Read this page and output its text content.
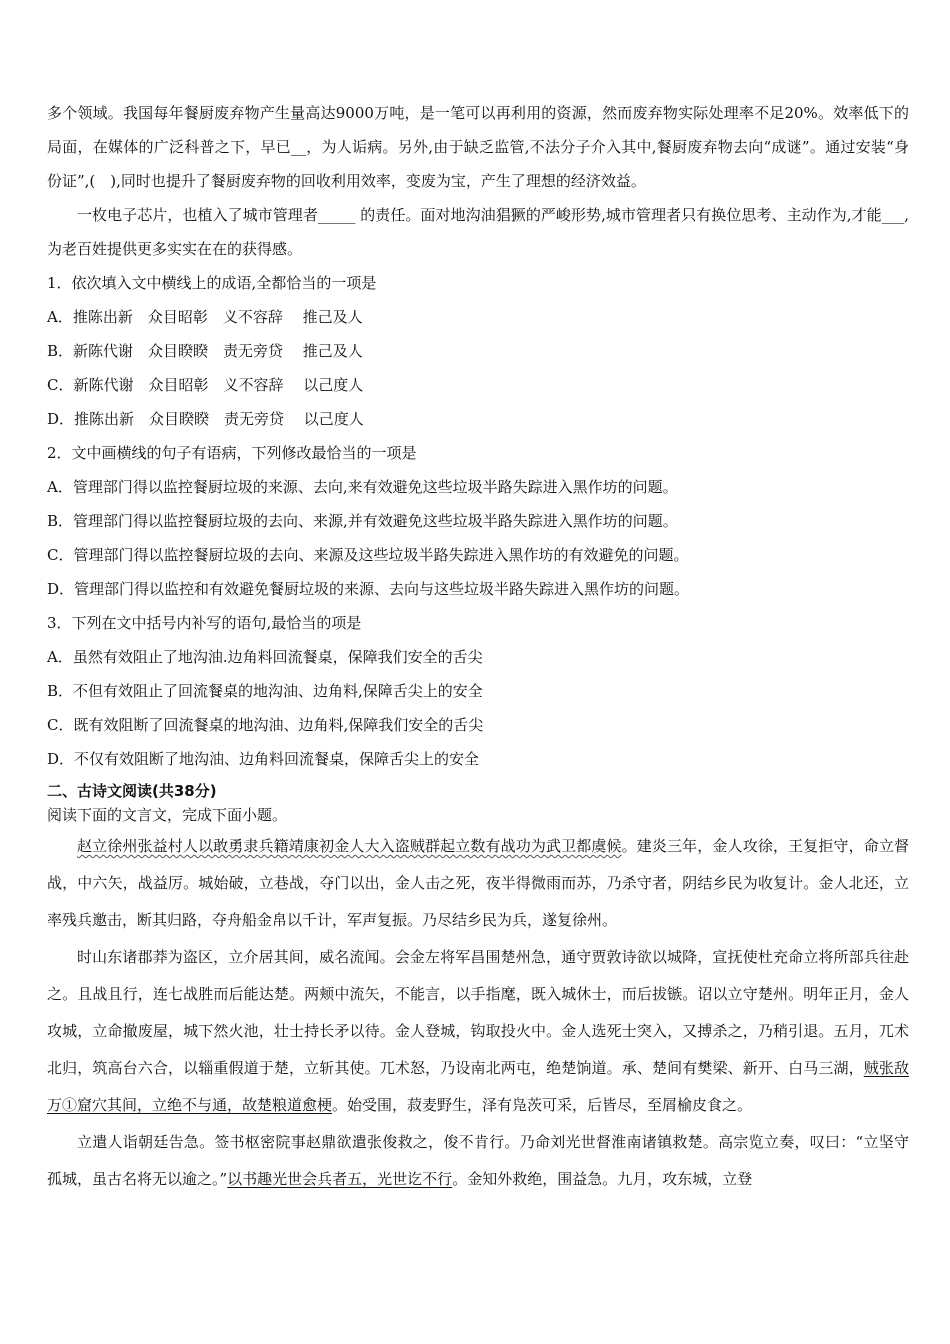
多个领域。我国每年餐厨废弃物产生量高达9000万吨，是一笔可以再利用的资源，然而废弃物实际处理率不足20%。效率低下的局面，在媒体的广泛科普之下，早已__，为人诟病。另外,由于缺乏监管,不法分子介入其中,餐厨废弃物去向“成谜”。通过安装“身份证”,(　),同时也提升了餐厨废弃物的回收利用效率，变废为宝，产生了理想的经济效益。

一枚电子芯片，也植入了城市管理者_____ 的责任。面对地沟油猖獗的严峻形势,城市管理者只有换位思考、主动作为,才能___,为老百姓提供更多实实在在的获得感。

1．依次填入文中横线上的成语,全都恰当的一项是

A．推陈出新　众目昭彰　义不容辞　 推己及人

B．新陈代谢　众目睽睽　责无旁贷　 推己及人

C．新陈代谢　众目昭彰　义不容辞　 以己度人

D．推陈出新　众目睽睽　责无旁贷　 以己度人

2．文中画横线的句子有语病，下列修改最恰当的一项是

A．管理部门得以监控餐厨垃圾的来源、去向,来有效避免这些垃圾半路失踪进入黑作坊的问题。

B．管理部门得以监控餐厨垃圾的去向、来源,并有效避免这些垃圾半路失踪进入黑作坊的问题。

C．管理部门得以监控餐厨垃圾的去向、来源及这些垃圾半路失踪进入黑作坊的有效避免的问题。

D．管理部门得以监控和有效避免餐厨垃圾的来源、去向与这些垃圾半路失踪进入黑作坊的问题。

3．下列在文中括号内补写的语句,最恰当的项是

A．虽然有效阻止了地沟油.边角料回流餐桌，保障我们安全的舌尖

B．不但有效阻止了回流餐桌的地沟油、边角料,保障舌尖上的安全

C．既有效阻断了回流餐桌的地沟油、边角料,保障我们安全的舌尖

D．不仅有效阻断了地沟油、边角料回流餐桌，保障舌尖上的安全

二、古诗文阅读(共38分)

阅读下面的文言文，完成下面小题。

赵立徐州张益村人以敢勇隶兵籍靖康初金人大入盗贼群起立数有战功为武卫都虞候。建炎三年，金人攻徐，王复拒守，命立督战，中六矢，战益厉。城始破，立巷战，夺门以出，金人击之死，夜半得微雨而苏，乃杀守者，阴结乡民为收复计。金人北还，立率残兵邀击，断其归路，夺舟船金帛以千计，军声复振。乃尽结乡民为兵，遂复徐州。

时山东诸郡莽为盗区，立介居其间，威名流闻。会金左将军昌围楚州急，通守贾敦诗欲以城降，宣抚使杜充命立将所部兵往赴之。且战且行，连七战胜而后能达楚。两颊中流矢，不能言，以手指麾，既入城休士，而后拔镞。诏以立守楚州。明年正月，金人攻城，立命撤废屋，城下然火池，壮士持长矛以待。金人登城，钩取投火中。金人选死士突入，又搏杀之，乃稍引退。五月，兀术北归，筑高台六合，以辎重假道于楚，立斩其使。兀术怒，乃设南北两屯，绝楚饷道。承、楚间有樊梁、新开、白马三湖，贼张敌万①窟穴其间，立绝不与通，故楚粮道愈梗。始受围，菽麦野生，泽有凫茨可采，后皆尽，至屑榆皮食之。

立遣人诣朝廷告急。签书枢密院事赵鼎欲遣张俊救之，俊不肯行。乃命刘光世督淮南诸镇救楚。高宗览立奏，叹曰：“立坚守孤城，虽古名将无以逾之。”以书趣光世会兵者五，光世讫不行。金知外救绝，围益急。九月，攻东城，立登
